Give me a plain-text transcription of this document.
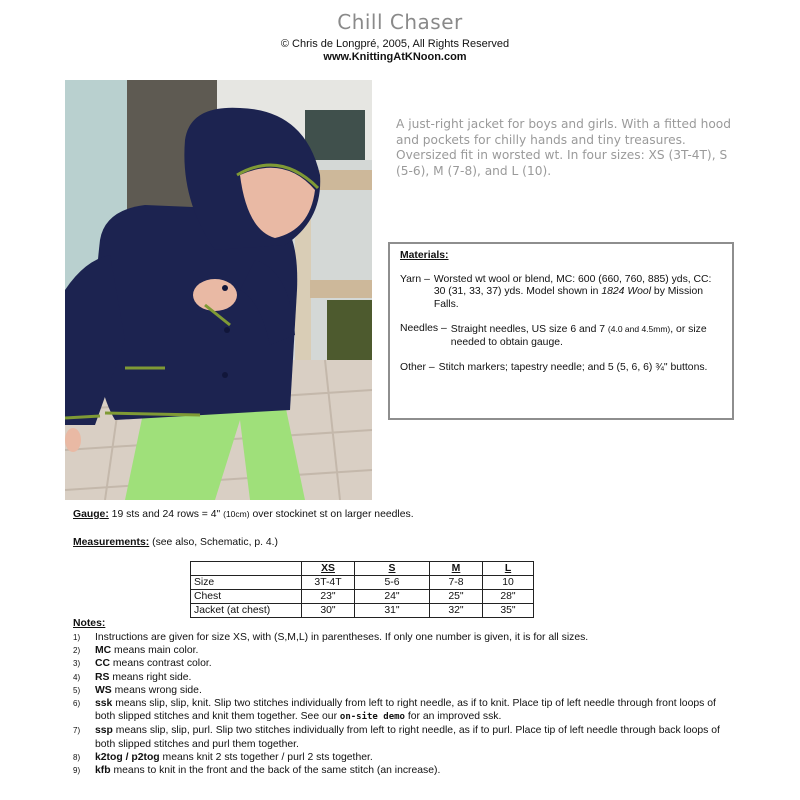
Chill Chaser
© Chris de Longpré, 2005, All Rights Reserved
www.KnittingAtKNoon.com
A just-right jacket for boys and girls. With a fitted hood and pockets for chilly hands and tiny treasures. Oversized fit in worsted wt. In four sizes: XS (3T-4T), S (5-6), M (7-8), and L (10).
Materials:
Yarn – Worsted wt wool or blend, MC: 600 (660, 760, 885) yds, CC: 30 (31, 33, 37) yds. Model shown in 1824 Wool by Mission Falls.
Needles – Straight needles, US size 6 and 7 (4.0 and 4.5mm), or size needed to obtain gauge.
Other – Stitch markers; tapestry needle; and 5 (5, 6, 6) ¾" buttons.
Gauge: 19 sts and 24 rows = 4" (10cm) over stockinet st on larger needles.
Measurements: (see also, Schematic, p. 4.)
	XS	S	M	L
Size	3T-4T	5-6	7-8	10
Chest	23"	24"	25"	28"
Jacket (at chest)	30"	31"	32"	35"
Notes:
1)	Instructions are given for size XS, with (S,M,L) in parentheses. If only one number is given, it is for all sizes.
2)	MC means main color.
3)	CC means contrast color.
4)	RS means right side.
5)	WS means wrong side.
6)	ssk means slip, slip, knit. Slip two stitches individually from left to right needle, as if to knit. Place tip of left needle through front loops of both slipped stitches and knit them together. See our on-site demo for an improved ssk.
7)	ssp means slip, slip, purl. Slip two stitches individually from left to right needle, as if to purl. Place tip of left needle through back loops of both slipped stitches and purl them together.
8)	k2tog / p2tog means knit 2 sts together / purl 2 sts together.
9)	kfb means to knit in the front and the back of the same stitch (an increase).
